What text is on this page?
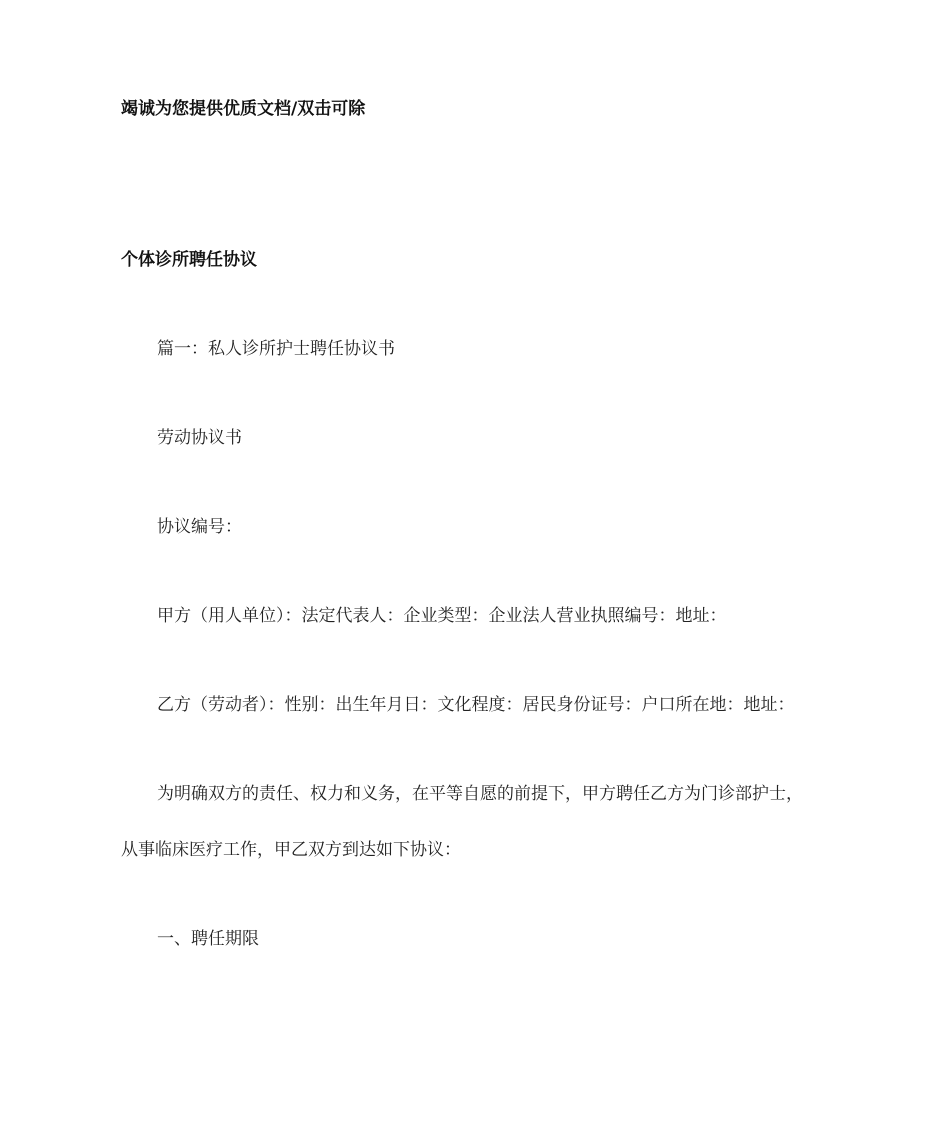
竭诚为您提供优质文档/双击可除
个体诊所聘任协议
篇一：私人诊所护士聘任协议书
劳动协议书
协议编号：
甲方（用人单位）：法定代表人：企业类型：企业法人营业执照编号：地址：
乙方（劳动者）：性别：出生年月日：文化程度：居民身份证号：户口所在地：地址：
为明确双方的责任、权力和义务，在平等自愿的前提下，甲方聘任乙方为门诊部护士，
从事临床医疗工作，甲乙双方到达如下协议：
一、聘任期限
